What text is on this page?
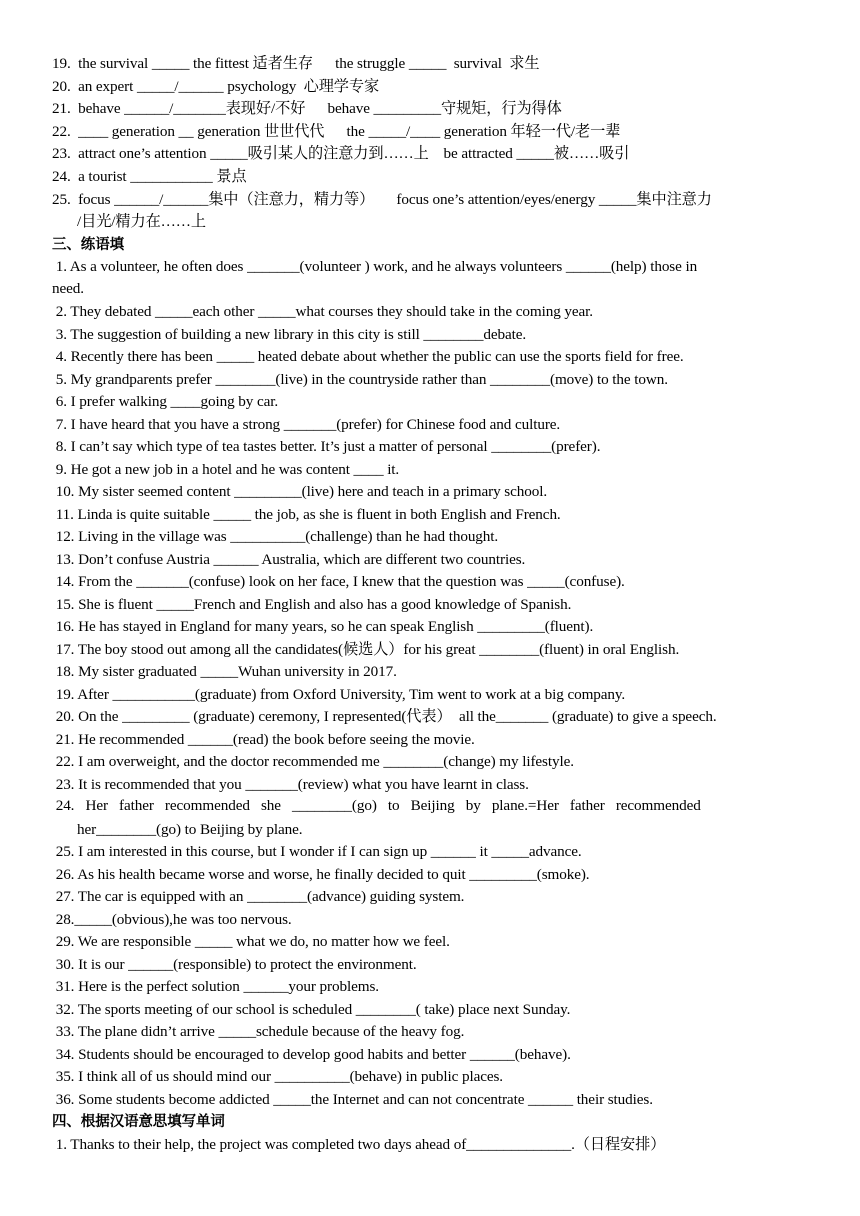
19.  the survival _____ the fittest 适者生存      the struggle _____  survival  求生
20.  an expert _____/______ psychology  心理学专家
21.  behave ______/_______表现好/不好      behave _________守规矩，行为得体
22.  ____ generation __ generation 世世代代      the _____/____ generation 年轻一代/老一辈
23.  attract one’s attention _____吸引某人的注意力到……上    be attracted _____被……吸引
24.  a tourist ___________ 景点
25.  focus ______/______集中（注意力，精力等）      focus one’s attention/eyes/energy _____集中注意力
/目光/精力在……上
三、练语填
1. As a volunteer, he often does _______(volunteer ) work, and he always volunteers ______(help) those in
need.
2. They debated _____each other _____what courses they should take in the coming year.
3. The suggestion of building a new library in this city is still ________debate.
4. Recently there has been _____ heated debate about whether the public can use the sports field for free.
5. My grandparents prefer ________(live) in the countryside rather than ________(move) to the town.
6. I prefer walking ____going by car.
7. I have heard that you have a strong _______(prefer) for Chinese food and culture.
8. I can’t say which type of tea tastes better. It’s just a matter of personal ________(prefer).
9. He got a new job in a hotel and he was content ____ it.
10. My sister seemed content _________(live) here and teach in a primary school.
11. Linda is quite suitable _____ the job, as she is fluent in both English and French.
12. Living in the village was __________(challenge) than he had thought.
13. Don’t confuse Austria ______ Australia, which are different two countries.
14. From the _______(confuse) look on her face, I knew that the question was _____(confuse).
15. She is fluent _____French and English and also has a good knowledge of Spanish.
16. He has stayed in England for many years, so he can speak English _________(fluent).
17. The boy stood out among all the candidates(候选人）for his great ________(fluent) in oral English.
18. My sister graduated _____Wuhan university in 2017.
19. After ___________(graduate) from Oxford University, Tim went to work at a big company.
20. On the _________ (graduate) ceremony, I represented(代表）  all the_______ (graduate) to give a speech.
21. He recommended ______(read) the book before seeing the movie.
22. I am overweight, and the doctor recommended me ________(change) my lifestyle.
23. It is recommended that you _______(review) what you have learnt in class.
24.   Her   father   recommended   she   ________(go)   to   Beijing   by   plane.=Her   father   recommended
her________(go) to Beijing by plane.
25. I am interested in this course, but I wonder if I can sign up ______ it _____advance.
26. As his health became worse and worse, he finally decided to quit _________(smoke).
27. The car is equipped with an ________(advance) guiding system.
28._____(obvious),he was too nervous.
29. We are responsible _____ what we do, no matter how we feel.
30. It is our ______(responsible) to protect the environment.
31. Here is the perfect solution ______your problems.
32. The sports meeting of our school is scheduled ________( take) place next Sunday.
33. The plane didn’t arrive _____schedule because of the heavy fog.
34. Students should be encouraged to develop good habits and better ______(behave).
35. I think all of us should mind our __________(behave) in public places.
36. Some students become addicted _____the Internet and can not concentrate ______ their studies.
四、根据汉语意思填写单词
1. Thanks to their help, the project was completed two days ahead of______________.（日程安排）
